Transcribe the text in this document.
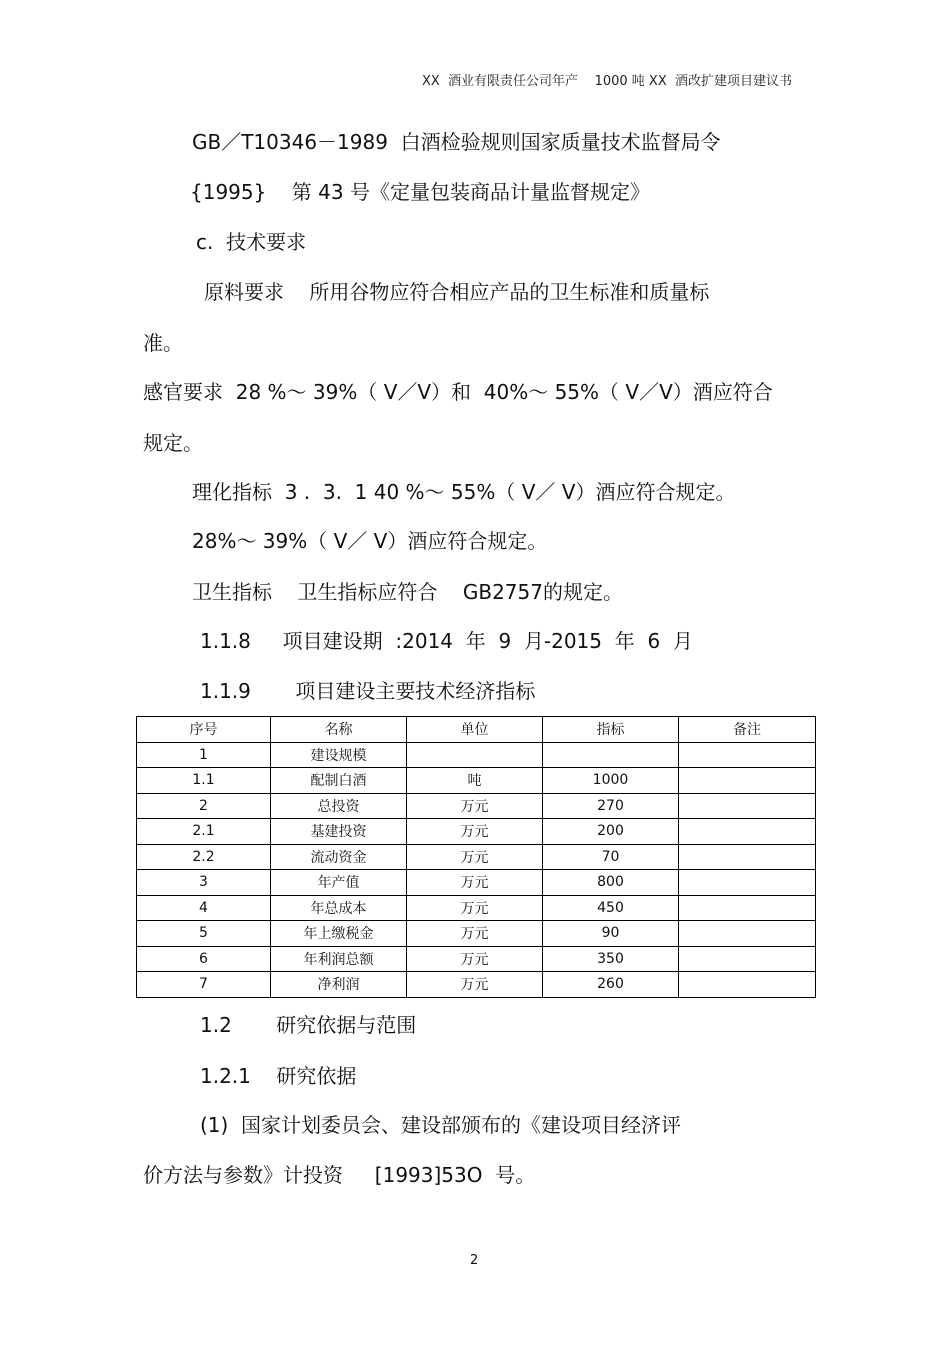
XX  酒业有限责任公司年产    1000 吨 XX  酒改扩建项目建议书
GB／T10346－1989  白酒检验规则国家质量技术监督局令
{1995}    第 43 号《定量包装商品计量监督规定》
c.  技术要求
原料要求    所用谷物应符合相应产品的卫生标准和质量标
准。
感官要求  28 %～ 39%（ V／V）和  40%～ 55%（ V／V）酒应符合
规定。
理化指标  3 .  3.  1 40 %～ 55%（ V／ V）酒应符合规定。
28%～ 39%（ V／ V）酒应符合规定。
卫生指标    卫生指标应符合    GB2757的规定。
1.1.8     项目建设期  :2014  年  9  月-2015  年  6  月
1.1.9       项目建设主要技术经济指标
序号	名称	单位	指标	备注
1	建设规模			
1.1	配制白酒	吨	1000	
2	总投资	万元	270	
2.1	基建投资	万元	200	
2.2	流动资金	万元	70	
3	年产值	万元	800	
4	年总成本	万元	450	
5	年上缴税金	万元	90	
6	年利润总额	万元	350	
7	净利润	万元	260	
1.2       研究依据与范围
1.2.1    研究依据
(1)  国家计划委员会、建设部颁布的《建设项目经济评
价方法与参数》计投资     [1993]53O  号。
2
